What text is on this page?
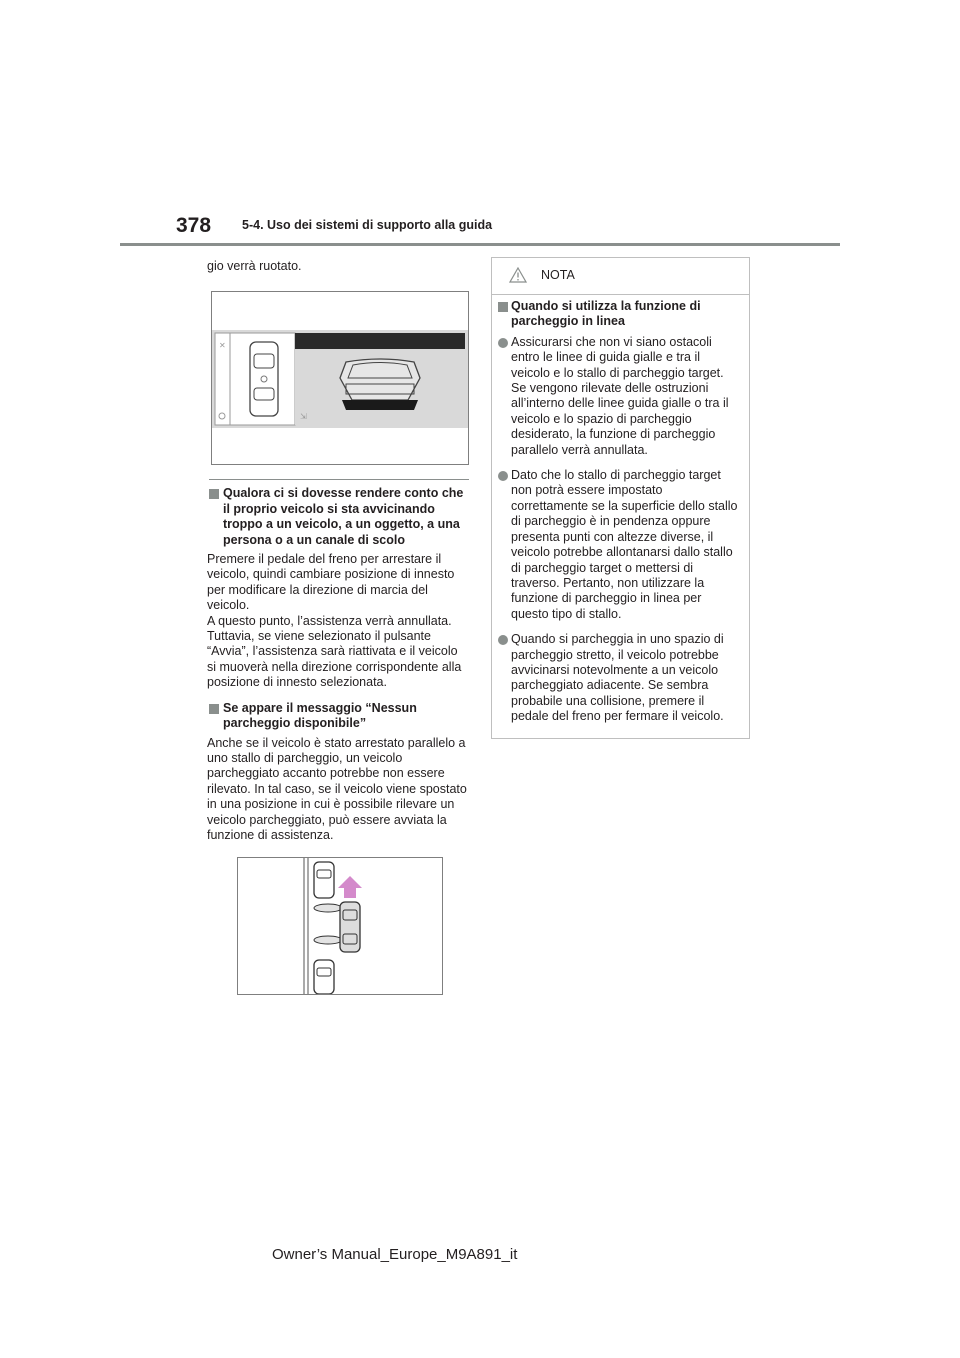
378 5-4. Uso dei sistemi di supporto alla guida

gio verrà ruotato.

✕
⇲

Qualora ci si dovesse rendere conto che il proprio veicolo si sta avvicinando troppo a un veicolo, a un oggetto, a una persona o a un canale di scolo

Premere il pedale del freno per arrestare il veicolo, quindi cambiare posizione di innesto per modificare la direzione di marcia del veicolo.
A questo punto, l’assistenza verrà annullata. Tuttavia, se viene selezionato il pulsante “Avvia”, l’assistenza sarà riattivata e il veicolo si muoverà nella direzione corrispondente alla posizione di innesto selezionata.

Se appare il messaggio “Nessun parcheggio disponibile”

Anche se il veicolo è stato arrestato parallelo a uno stallo di parcheggio, un veicolo parcheggiato accanto potrebbe non essere rilevato. In tal caso, se il veicolo viene spostato in una posizione in cui è possibile rilevare un veicolo parcheggiato, può essere avviata la funzione di assistenza.

NOTA

Quando si utilizza la funzione di parcheggio in linea

Assicurarsi che non vi siano ostacoli entro le linee di guida gialle e tra il veicolo e lo stallo di parcheggio target. Se vengono rilevate delle ostruzioni all’interno delle linee guida gialle o tra il veicolo e lo spazio di parcheggio desiderato, la funzione di parcheggio parallelo verrà annullata.

Dato che lo stallo di parcheggio target non potrà essere impostato correttamente se la superficie dello stallo di parcheggio è in pendenza oppure presenta punti con altezze diverse, il veicolo potrebbe allontanarsi dallo stallo di parcheggio target o mettersi di traverso. Pertanto, non utilizzare la funzione di parcheggio in linea per questo tipo di stallo.

Quando si parcheggia in uno spazio di parcheggio stretto, il veicolo potrebbe avvicinarsi notevolmente a un veicolo parcheggiato adiacente. Se sembra probabile una collisione, premere il pedale del freno per fermare il veicolo.

Owner’s Manual_Europe_M9A891_it
